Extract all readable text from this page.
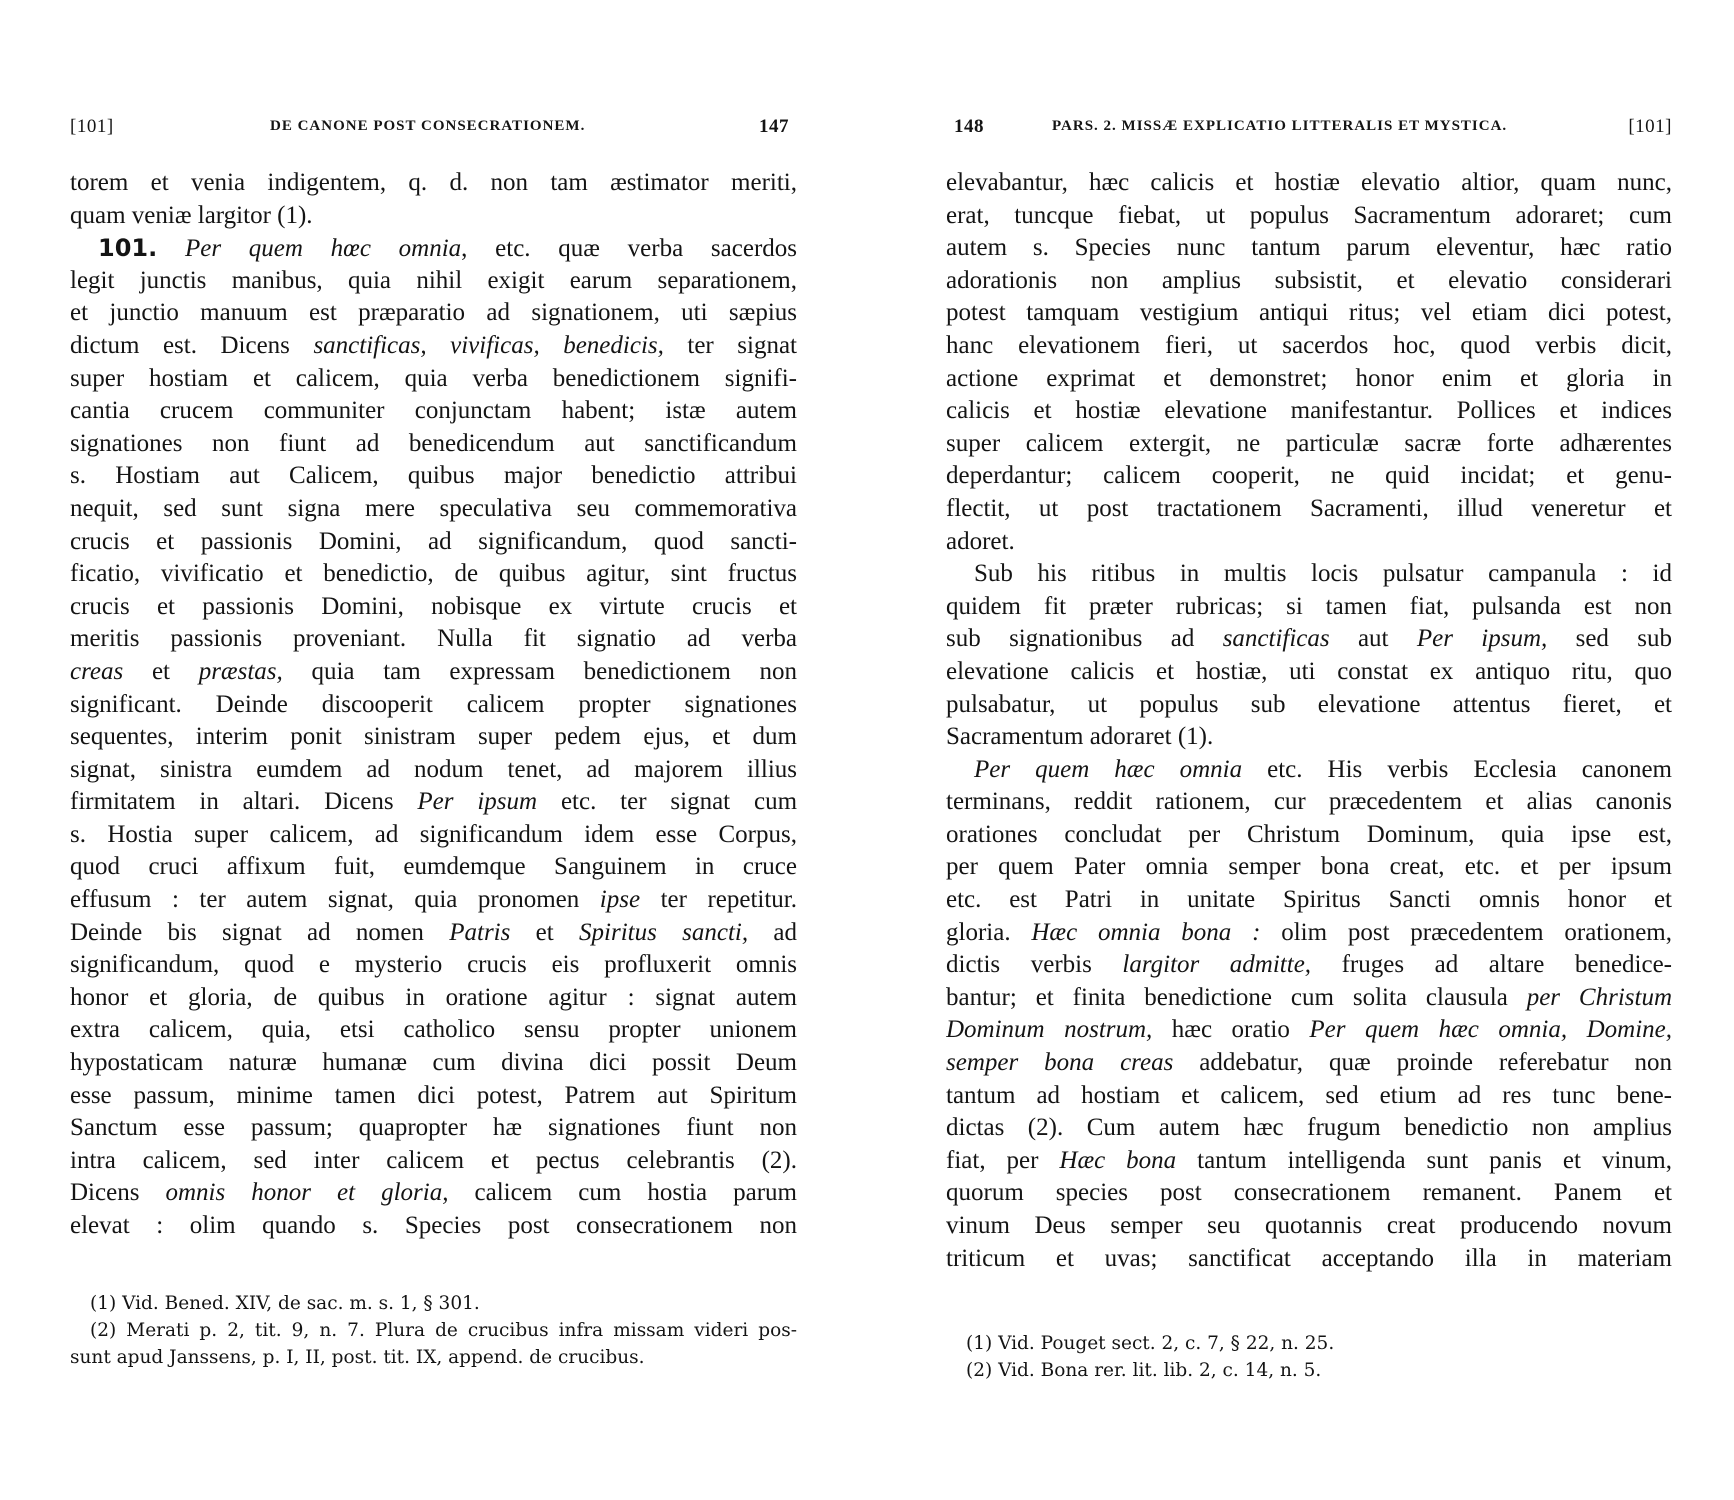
[101]	DE CANONE POST CONSECRATIONEM.	147
torem et venia indigentem, q. d. non tam æstimator meriti,
quam veniæ largitor (1).
101. Per quem hœc omnia, etc. quæ verba sacerdos
legit junctis manibus, quia nihil exigit earum separationem,
et junctio manuum est præparatio ad signationem, uti sæpius
dictum est. Dicens sanctificas, vivificas, benedicis, ter signat
super hostiam et calicem, quia verba benedictionem signifi-
cantia crucem communiter conjunctam habent; istæ autem
signationes non fiunt ad benedicendum aut sanctificandum
s. Hostiam aut Calicem, quibus major benedictio attribui
nequit, sed sunt signa mere speculativa seu commemorativa
crucis et passionis Domini, ad significandum, quod sancti-
ficatio, vivificatio et benedictio, de quibus agitur, sint fructus
crucis et passionis Domini, nobisque ex virtute crucis et
meritis passionis proveniant. Nulla fit signatio ad verba
creas et præstas, quia tam expressam benedictionem non
significant. Deinde discooperit calicem propter signationes
sequentes, interim ponit sinistram super pedem ejus, et dum
signat, sinistra eumdem ad nodum tenet, ad majorem illius
firmitatem in altari. Dicens Per ipsum etc. ter signat cum
s. Hostia super calicem, ad significandum idem esse Corpus,
quod cruci affixum fuit, eumdemque Sanguinem in cruce
effusum : ter autem signat, quia pronomen ipse ter repetitur.
Deinde bis signat ad nomen Patris et Spiritus sancti, ad
significandum, quod e mysterio crucis eis profluxerit omnis
honor et gloria, de quibus in oratione agitur : signat autem
extra calicem, quia, etsi catholico sensu propter unionem
hypostaticam naturæ humanæ cum divina dici possit Deum
esse passum, minime tamen dici potest, Patrem aut Spiritum
Sanctum esse passum; quapropter hæ signationes fiunt non
intra calicem, sed inter calicem et pectus celebrantis (2).
Dicens omnis honor et gloria, calicem cum hostia parum
elevat : olim quando s. Species post consecrationem non
(1) Vid. Bened. XIV, de sac. m. s. 1, § 301.
(2) Merati p. 2, tit. 9, n. 7. Plura de crucibus infra missam videri pos-
sunt apud Janssens, p. I, II, post. tit. IX, append. de crucibus.
148	PARS. 2. MISSÆ EXPLICATIO LITTERALIS ET MYSTICA.	[101]
elevabantur, hæc calicis et hostiæ elevatio altior, quam nunc,
erat, tuncque fiebat, ut populus Sacramentum adoraret; cum
autem s. Species nunc tantum parum eleventur, hæc ratio
adorationis non amplius subsistit, et elevatio considerari
potest tamquam vestigium antiqui ritus; vel etiam dici potest,
hanc elevationem fieri, ut sacerdos hoc, quod verbis dicit,
actione exprimat et demonstret; honor enim et gloria in
calicis et hostiæ elevatione manifestantur. Pollices et indices
super calicem extergit, ne particulæ sacræ forte adhærentes
deperdantur; calicem cooperit, ne quid incidat; et genu-
flectit, ut post tractationem Sacramenti, illud veneretur et
adoret.
Sub his ritibus in multis locis pulsatur campanula : id
quidem fit præter rubricas; si tamen fiat, pulsanda est non
sub signationibus ad sanctificas aut Per ipsum, sed sub
elevatione calicis et hostiæ, uti constat ex antiquo ritu, quo
pulsabatur, ut populus sub elevatione attentus fieret, et
Sacramentum adoraret (1).
Per quem hæc omnia etc. His verbis Ecclesia canonem
terminans, reddit rationem, cur præcedentem et alias canonis
orationes concludat per Christum Dominum, quia ipse est,
per quem Pater omnia semper bona creat, etc. et per ipsum
etc. est Patri in unitate Spiritus Sancti omnis honor et
gloria. Hæc omnia bona : olim post præcedentem orationem,
dictis verbis largitor admitte, fruges ad altare benedice-
bantur; et finita benedictione cum solita clausula per Christum
Dominum nostrum, hæc oratio Per quem hæc omnia, Domine,
semper bona creas addebatur, quæ proinde referebatur non
tantum ad hostiam et calicem, sed etium ad res tunc bene-
dictas (2). Cum autem hæc frugum benedictio non amplius
fiat, per Hæc bona tantum intelligenda sunt panis et vinum,
quorum species post consecrationem remanent. Panem et
vinum Deus semper seu quotannis creat producendo novum
triticum et uvas; sanctificat acceptando illa in materiam
(1) Vid. Pouget sect. 2, c. 7, § 22, n. 25.
(2) Vid. Bona rer. lit. lib. 2, c. 14, n. 5.
